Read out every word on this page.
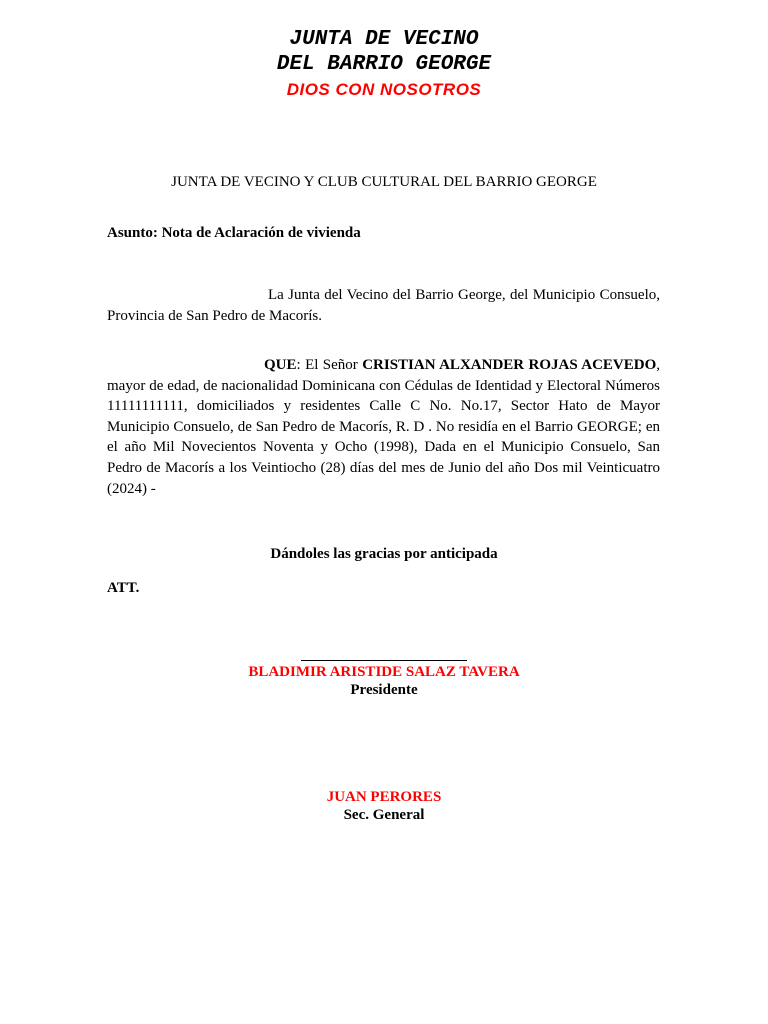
JUNTA DE VECINO
DEL BARRIO GEORGE
DIOS CON NOSOTROS
JUNTA DE VECINO Y CLUB CULTURAL DEL BARRIO GEORGE
Asunto: Nota de Aclaración de vivienda
La Junta del Vecino del Barrio George, del Municipio Consuelo, Provincia de San Pedro de Macorís.
QUE: El Señor CRISTIAN ALXANDER ROJAS ACEVEDO, mayor de edad, de nacionalidad Dominicana con Cédulas de Identidad y Electoral Números 11111111111, domiciliados y residentes Calle C No. No.17, Sector Hato de Mayor Municipio Consuelo, de San Pedro de Macorís, R. D . No residía en el Barrio GEORGE; en el año Mil Novecientos Noventa y Ocho (1998), Dada en el Municipio Consuelo, San Pedro de Macorís a los Veintiocho (28) días del mes de Junio del año Dos mil Veinticuatro (2024) -
Dándoles las gracias por anticipada
ATT.
BLADIMIR ARISTIDE SALAZ TAVERA
Presidente
JUAN PERORES
Sec. General
